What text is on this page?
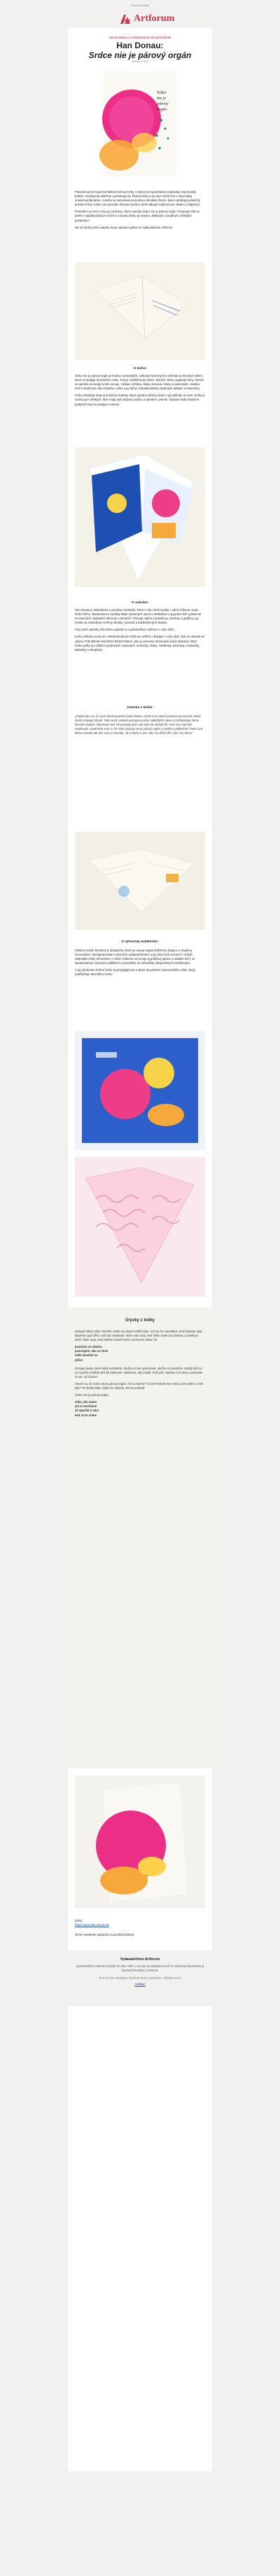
Otvoriť na webe
Artforum
NOVÁ KNIHA O VYDAVATEĽSTVE ARTFORUM
Han Donau:
Srdce nie je párový orgán
Artforum 2023
Srdce
nie je
párový
orgán

Potvrdzovať je experimentálnou formou knihy, v ktorej text aj ilustrácie rozprávajú svoj vlastný príbeh, rozvíjajú sa súbežne a posúvajú sa. Pitorná vizia je aj nové ročné leto v slovenskej umeleckej literatúre. Autorka sa zameriava na poéziu a kreslenú formu, ktoré vytvárajú jedinečný priestor knihy. Kniha vás prevedie rôznymi pocitmi, ktoré dávajú možnosť pre všetko a inšpiráciu.

Prelietlivo sa vnior celou jej novinkou, ktorú nazvala Srdce nie je párový orgán. Pozývajú Vás sa peletí z najzábudnutých večerov z Donau knihu aj verejne „láskavým, sociálnym, kritickým postrehom“.

Ide už druhý počin autorky, ktorý autorka vydáva so vydavateľstve Artforum.

O knihe:

Srdce nie je párový orgán je knihou rozmanitých, niekedy humorných a niekedy aj smutných básní, ktoré sa spájajú do jedného celku. Text je rozdelený do sekcií, ktorých názvy vyjadrujú témy, ktorým sa autorka vo svojej tvorbe venuje, vrátane vzťahov, lásky, domova, straty a osamelosti. Autorka tvorí s ilustráciou ako súčasťou celku a jej štýl je charakteristický výraznými farbami a hravosťou.

Kniha obsahuje texty aj ilustrácie autorky, ktoré vytvára celistvý obraz o jej pohľade na svet. Kniha je určená pre všetkých, ktorí majú radi súčasnú poéziu a výtvarné umenie. Vydanie knihy finančne podporil Fond na podporu umenia.

O autorke:

Han Donau je ilustrátorka a vizuálna umelkyňa, ktorá v roku 2023 vydala v edícii Artforum svoju druhú knihu. Študovala na Vysokej škole výtvarných umení v Bratislave a jej práce boli vystavené na viacerých výstavách doma aj v zahraničí. Pracuje najmä s ilustráciou, kresbou a grafikou, jej tvorba sa sústreďuje na témy identity, citovosti a každodenných situácií.

Prvý počin autorky bola kniha vydaná vo vydavateľstve Artforum v roku 2021.

Kniha získala ocenenie v Medzinárodnom knižnom veľtrhu v Bologni v roku 2022, kde sa dostala do výberu THE BRAW AMAZING BOOKSHELF, ako aj ocenenie Slovenská súťaž ilustrácie 2022. Kniha vyšla aj v ďalších jazykových mutáciách: nemecky, česky, maďarsky, slovinsky, rumunsky, taliansky a ukrajinsky.

Autorka o knihe:
„Pokiaľ ide o to, čo sme chceli povedať touto knihou, chceli sme otvoriť priestor pre emócie, ktoré často ostávajú skryté. Tieto texty vznikali postupne počas niekoľkých rokov a zachytávajú rôzne životné situácie. Nechcela som ich prerozprávať, ale skôr ich nechať žiť. Keď som nad tým uvažovala, uvedomila som si, že srdce naozaj nie je párový orgán, je jedno a jedinečné. Preto som knihu nazvala tak ako som ju nazvala. Je to kniha o tom, ako sa učíme žiť s tým, čo máme.“
O výtvarnej redaktorke:

Kristína Sobek Šimková je dizajnérka, ktorá sa venuje najmä knižnému dizajnu a vizuálnej komunikácii. Spolupracovala s viacerými vydavateľstvami a jej práce boli ocenené v súťaži Najkrajšie knihy Slovenska. V rámci Artforum sa venuje aj grafickej úprave a sadzbe kníh. Je spoluautorkou viacerých publikácií a pravidelne sa zúčastňuje dizajnérskych workshopov.

V jej výtvarnom riešení knihy sa prepájajú text a obraz do jedného harmonického celku, ktorý podčiarkuje atmosféru textov.

Úryvky z knihy

Nebudú nikdy vidieť slnečné svetlo za oknom nášho bytu. Ani my ho neuvidíme, keď budeme spať. Budeme spať dlho a nič nás nezobudí. Mám rada rána, keď slnko svieti cez záclony a všetko je tiché. Mám rada, keď môžem zostať ležať a nemusím nikam ísť.

pozerám na oblohu
pozorujem, ako sa vlnia
stále dookola sa
plávu

Existujú kvety, ktoré nikdy nezvädnú. Možno sú len vymyslené, možno sú skutočné. Každý deň na ne myslím a každý deň ich polievam. Nechcem, aby zvädli. Keď prší, sadnem si k oknu a pozerám na ne. Sú krásne.

Hovorí sa, že srdce nie je párový orgán. Ale čo keď je? Čo keď máme dve srdcia a len jedno z nich bije? To druhé čaká. Čaká na niekoho, kto ho prebudí.

Srdce nie je párový orgán.

nikto, kto nemá
ani si nevšimne
až nepríde k nám
keď sa to stane
Zdroj:
https://www.hbsextrudo.sk
Tento newsletter pripravila Lucia Marcinákové
Vydavateľstvo Artforum
Vydavateľstvo Artforum pôsobí od roku 1997 a venuje sa vydávaniu kníh zo súčasnej slovenskej aj svetovej literatúry a umenia.
Ak si už viac neprajete dostávať tento newsletter, odhláste sa tu.
Odhlásiť
